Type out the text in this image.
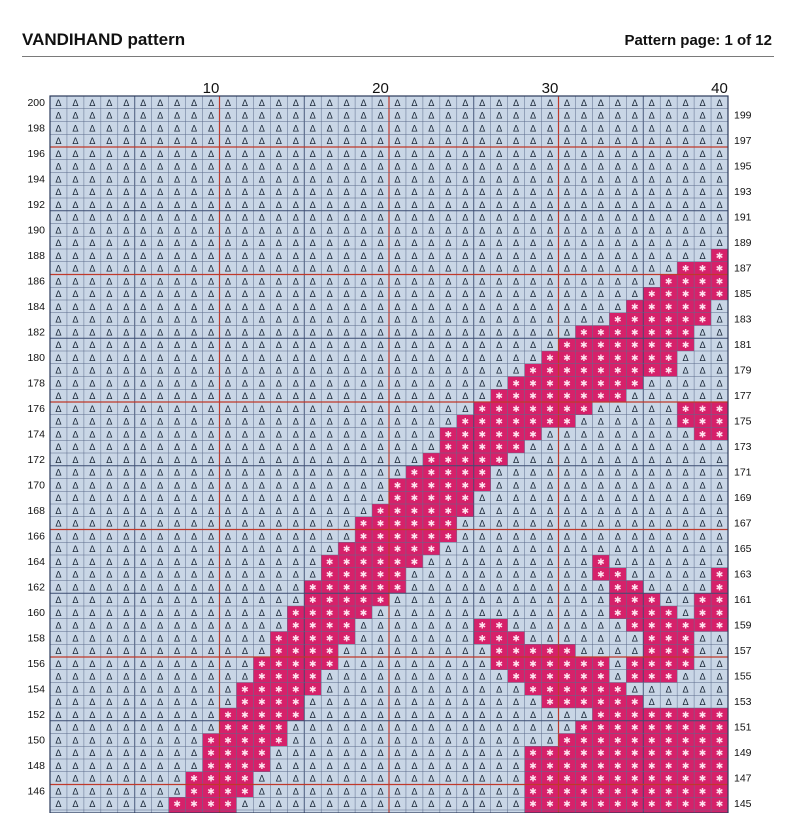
VANDIHAND pattern	Pattern page: 1 of 12
Δ Δ Δ Δ Δ Δ Δ Δ Δ Δ Δ Δ Δ Δ Δ Δ Δ Δ Δ Δ Δ Δ Δ Δ Δ Δ Δ Δ Δ Δ Δ Δ Δ Δ Δ Δ Δ Δ Δ Δ
Δ Δ Δ Δ Δ Δ Δ Δ Δ Δ Δ Δ Δ Δ Δ Δ Δ Δ Δ Δ Δ Δ Δ Δ Δ Δ Δ Δ Δ Δ Δ Δ Δ Δ Δ Δ Δ Δ Δ Δ
Δ Δ Δ Δ Δ Δ Δ Δ Δ Δ Δ Δ Δ Δ Δ Δ Δ Δ Δ Δ Δ Δ Δ Δ Δ Δ Δ Δ Δ Δ Δ Δ Δ Δ Δ Δ Δ Δ Δ Δ
Δ Δ Δ Δ Δ Δ Δ Δ Δ Δ Δ Δ Δ Δ Δ Δ Δ Δ Δ Δ Δ Δ Δ Δ Δ Δ Δ Δ Δ Δ Δ Δ Δ Δ Δ Δ Δ Δ Δ Δ
Δ Δ Δ Δ Δ Δ Δ Δ Δ Δ Δ Δ Δ Δ Δ Δ Δ Δ Δ Δ Δ Δ Δ Δ Δ Δ Δ Δ Δ Δ Δ Δ Δ Δ Δ Δ Δ Δ Δ Δ
Δ Δ Δ Δ Δ Δ Δ Δ Δ Δ Δ Δ Δ Δ Δ Δ Δ Δ Δ Δ Δ Δ Δ Δ Δ Δ Δ Δ Δ Δ Δ Δ Δ Δ Δ Δ Δ Δ Δ Δ
Δ Δ Δ Δ Δ Δ Δ Δ Δ Δ Δ Δ Δ Δ Δ Δ Δ Δ Δ Δ Δ Δ Δ Δ Δ Δ Δ Δ Δ Δ Δ Δ Δ Δ Δ Δ Δ Δ Δ Δ
Δ Δ Δ Δ Δ Δ Δ Δ Δ Δ Δ Δ Δ Δ Δ Δ Δ Δ Δ Δ Δ Δ Δ Δ Δ Δ Δ Δ Δ Δ Δ Δ Δ Δ Δ Δ Δ Δ Δ Δ
Δ Δ Δ Δ Δ Δ Δ Δ Δ Δ Δ Δ Δ Δ Δ Δ Δ Δ Δ Δ Δ Δ Δ Δ Δ Δ Δ Δ Δ Δ Δ Δ Δ Δ Δ Δ Δ Δ Δ Δ
Δ Δ Δ Δ Δ Δ Δ Δ Δ Δ Δ Δ Δ Δ Δ Δ Δ Δ Δ Δ Δ Δ Δ Δ Δ Δ Δ Δ Δ Δ Δ Δ Δ Δ Δ Δ Δ Δ Δ Δ
Δ Δ Δ Δ Δ Δ Δ Δ Δ Δ Δ Δ Δ Δ Δ Δ Δ Δ Δ Δ Δ Δ Δ Δ Δ Δ Δ Δ Δ Δ Δ Δ Δ Δ Δ Δ Δ Δ Δ Δ
Δ Δ Δ Δ Δ Δ Δ Δ Δ Δ Δ Δ Δ Δ Δ Δ Δ Δ Δ Δ Δ Δ Δ Δ Δ Δ Δ Δ Δ Δ Δ Δ Δ Δ Δ Δ Δ Δ Δ Δ
Δ Δ Δ Δ Δ Δ Δ Δ Δ Δ Δ Δ Δ Δ Δ Δ Δ Δ Δ Δ Δ Δ Δ Δ Δ Δ Δ Δ Δ Δ Δ Δ Δ Δ Δ Δ Δ Δ Δ ✱
Δ Δ Δ Δ Δ Δ Δ Δ Δ Δ Δ Δ Δ Δ Δ Δ Δ Δ Δ Δ Δ Δ Δ Δ Δ Δ Δ Δ Δ Δ Δ Δ Δ Δ Δ Δ Δ ✱ ✱ ✱
Δ Δ Δ Δ Δ Δ Δ Δ Δ Δ Δ Δ Δ Δ Δ Δ Δ Δ Δ Δ Δ Δ Δ Δ Δ Δ Δ Δ Δ Δ Δ Δ Δ Δ Δ Δ ✱ ✱ ✱ ✱
Δ Δ Δ Δ Δ Δ Δ Δ Δ Δ Δ Δ Δ Δ Δ Δ Δ Δ Δ Δ Δ Δ Δ Δ Δ Δ Δ Δ Δ Δ Δ Δ Δ Δ Δ ✱ ✱ ✱ ✱ ✱
Δ Δ Δ Δ Δ Δ Δ Δ Δ Δ Δ Δ Δ Δ Δ Δ Δ Δ Δ Δ Δ Δ Δ Δ Δ Δ Δ Δ Δ Δ Δ Δ Δ Δ ✱ ✱ ✱ ✱ ✱ Δ
Δ Δ Δ Δ Δ Δ Δ Δ Δ Δ Δ Δ Δ Δ Δ Δ Δ Δ Δ Δ Δ Δ Δ Δ Δ Δ Δ Δ Δ Δ Δ Δ Δ ✱ ✱ ✱ ✱ ✱ ✱ Δ
Δ Δ Δ Δ Δ Δ Δ Δ Δ Δ Δ Δ Δ Δ Δ Δ Δ Δ Δ Δ Δ Δ Δ Δ Δ Δ Δ Δ Δ Δ Δ ✱ ✱ ✱ ✱ ✱ ✱ ✱ Δ Δ
Δ Δ Δ Δ Δ Δ Δ Δ Δ Δ Δ Δ Δ Δ Δ Δ Δ Δ Δ Δ Δ Δ Δ Δ Δ Δ Δ Δ Δ Δ ✱ ✱ ✱ ✱ ✱ ✱ ✱ ✱ Δ Δ
Δ Δ Δ Δ Δ Δ Δ Δ Δ Δ Δ Δ Δ Δ Δ Δ Δ Δ Δ Δ Δ Δ Δ Δ Δ Δ Δ Δ Δ ✱ ✱ ✱ ✱ ✱ ✱ ✱ ✱ Δ Δ Δ
Δ Δ Δ Δ Δ Δ Δ Δ Δ Δ Δ Δ Δ Δ Δ Δ Δ Δ Δ Δ Δ Δ Δ Δ Δ Δ Δ Δ ✱ ✱ ✱ ✱ ✱ ✱ ✱ ✱ ✱ Δ Δ Δ
Δ Δ Δ Δ Δ Δ Δ Δ Δ Δ Δ Δ Δ Δ Δ Δ Δ Δ Δ Δ Δ Δ Δ Δ Δ Δ Δ ✱ ✱ ✱ ✱ ✱ ✱ ✱ ✱ Δ Δ Δ Δ Δ
Δ Δ Δ Δ Δ Δ Δ Δ Δ Δ Δ Δ Δ Δ Δ Δ Δ Δ Δ Δ Δ Δ Δ Δ Δ Δ ✱ ✱ ✱ ✱ ✱ ✱ ✱ ✱ Δ Δ Δ Δ Δ Δ
Δ Δ Δ Δ Δ Δ Δ Δ Δ Δ Δ Δ Δ Δ Δ Δ Δ Δ Δ Δ Δ Δ Δ Δ Δ ✱ ✱ ✱ ✱ ✱ ✱ ✱ Δ Δ Δ Δ Δ ✱ ✱ ✱
Δ Δ Δ Δ Δ Δ Δ Δ Δ Δ Δ Δ Δ Δ Δ Δ Δ Δ Δ Δ Δ Δ Δ Δ ✱ ✱ ✱ ✱ ✱ ✱ ✱ Δ Δ Δ Δ Δ Δ ✱ ✱ ✱
Δ Δ Δ Δ Δ Δ Δ Δ Δ Δ Δ Δ Δ Δ Δ Δ Δ Δ Δ Δ Δ Δ Δ ✱ ✱ ✱ ✱ ✱ ✱ Δ Δ Δ Δ Δ Δ Δ Δ Δ ✱ ✱
Δ Δ Δ Δ Δ Δ Δ Δ Δ Δ Δ Δ Δ Δ Δ Δ Δ Δ Δ Δ Δ Δ Δ ✱ ✱ ✱ ✱ ✱ Δ Δ Δ Δ Δ Δ Δ Δ Δ Δ Δ Δ
Δ Δ Δ Δ Δ Δ Δ Δ Δ Δ Δ Δ Δ Δ Δ Δ Δ Δ Δ Δ Δ Δ ✱ ✱ ✱ ✱ ✱ Δ Δ Δ Δ Δ Δ Δ Δ Δ Δ Δ Δ Δ
Δ Δ Δ Δ Δ Δ Δ Δ Δ Δ Δ Δ Δ Δ Δ Δ Δ Δ Δ Δ Δ ✱ ✱ ✱ ✱ ✱ Δ Δ Δ Δ Δ Δ Δ Δ Δ Δ Δ Δ Δ Δ
Δ Δ Δ Δ Δ Δ Δ Δ Δ Δ Δ Δ Δ Δ Δ Δ Δ Δ Δ Δ ✱ ✱ ✱ ✱ ✱ ✱ Δ Δ Δ Δ Δ Δ Δ Δ Δ Δ Δ Δ Δ Δ
Δ Δ Δ Δ Δ Δ Δ Δ Δ Δ Δ Δ Δ Δ Δ Δ Δ Δ Δ Δ ✱ ✱ ✱ ✱ ✱ Δ Δ Δ Δ Δ Δ Δ Δ Δ Δ Δ Δ Δ Δ Δ
Δ Δ Δ Δ Δ Δ Δ Δ Δ Δ Δ Δ Δ Δ Δ Δ Δ Δ Δ ✱ ✱ ✱ ✱ ✱ ✱ Δ Δ Δ Δ Δ Δ Δ Δ Δ Δ Δ Δ Δ Δ Δ
Δ Δ Δ Δ Δ Δ Δ Δ Δ Δ Δ Δ Δ Δ Δ Δ Δ Δ ✱ ✱ ✱ ✱ ✱ ✱ Δ Δ Δ Δ Δ Δ Δ Δ Δ Δ Δ Δ Δ Δ Δ Δ
Δ Δ Δ Δ Δ Δ Δ Δ Δ Δ Δ Δ Δ Δ Δ Δ Δ Δ ✱ ✱ ✱ ✱ ✱ ✱ Δ Δ Δ Δ Δ Δ Δ Δ Δ Δ Δ Δ Δ Δ Δ Δ
Δ Δ Δ Δ Δ Δ Δ Δ Δ Δ Δ Δ Δ Δ Δ Δ Δ ✱ ✱ ✱ ✱ ✱ ✱ Δ Δ Δ Δ Δ Δ Δ Δ Δ Δ Δ Δ Δ Δ Δ Δ Δ
Δ Δ Δ Δ Δ Δ Δ Δ Δ Δ Δ Δ Δ Δ Δ Δ ✱ ✱ ✱ ✱ ✱ ✱ Δ Δ Δ Δ Δ Δ Δ Δ Δ Δ ✱ Δ Δ Δ Δ Δ Δ Δ
Δ Δ Δ Δ Δ Δ Δ Δ Δ Δ Δ Δ Δ Δ Δ Δ ✱ ✱ ✱ ✱ ✱ Δ Δ Δ Δ Δ Δ Δ Δ Δ Δ Δ ✱ ✱ Δ Δ Δ Δ Δ ✱
Δ Δ Δ Δ Δ Δ Δ Δ Δ Δ Δ Δ Δ Δ Δ ✱ ✱ ✱ ✱ ✱ ✱ Δ Δ Δ Δ Δ Δ Δ Δ Δ Δ Δ Δ ✱ ✱ Δ Δ Δ Δ ✱
Δ Δ Δ Δ Δ Δ Δ Δ Δ Δ Δ Δ Δ Δ Δ ✱ ✱ ✱ ✱ ✱ Δ Δ Δ Δ Δ Δ Δ Δ Δ Δ Δ Δ Δ ✱ ✱ ✱ Δ Δ ✱ ✱
Δ Δ Δ Δ Δ Δ Δ Δ Δ Δ Δ Δ Δ Δ ✱ ✱ ✱ ✱ ✱ Δ Δ Δ Δ Δ Δ Δ Δ Δ Δ Δ Δ Δ Δ ✱ ✱ ✱ ✱ Δ ✱ ✱
Δ Δ Δ Δ Δ Δ Δ Δ Δ Δ Δ Δ Δ Δ ✱ ✱ ✱ ✱ Δ Δ Δ Δ Δ Δ Δ ✱ ✱ Δ Δ Δ Δ Δ Δ Δ ✱ ✱ ✱ ✱ ✱ ✱
Δ Δ Δ Δ Δ Δ Δ Δ Δ Δ Δ Δ Δ ✱ ✱ ✱ ✱ ✱ Δ Δ Δ Δ Δ Δ Δ ✱ ✱ ✱ Δ Δ Δ Δ Δ Δ Δ ✱ ✱ ✱ Δ Δ
Δ Δ Δ Δ Δ Δ Δ Δ Δ Δ Δ Δ Δ ✱ ✱ ✱ ✱ Δ Δ Δ Δ Δ Δ Δ Δ Δ ✱ ✱ ✱ ✱ ✱ Δ Δ Δ Δ ✱ ✱ ✱ Δ Δ
Δ Δ Δ Δ Δ Δ Δ Δ Δ Δ Δ Δ ✱ ✱ ✱ ✱ ✱ Δ Δ Δ Δ Δ Δ Δ Δ Δ ✱ ✱ ✱ ✱ ✱ ✱ ✱ Δ ✱ ✱ ✱ ✱ Δ Δ
Δ Δ Δ Δ Δ Δ Δ Δ Δ Δ Δ Δ ✱ ✱ ✱ ✱ Δ Δ Δ Δ Δ Δ Δ Δ Δ Δ Δ ✱ ✱ ✱ ✱ ✱ ✱ Δ ✱ ✱ ✱ Δ Δ Δ
Δ Δ Δ Δ Δ Δ Δ Δ Δ Δ Δ ✱ ✱ ✱ ✱ ✱ Δ Δ Δ Δ Δ Δ Δ Δ Δ Δ Δ Δ ✱ ✱ ✱ ✱ ✱ ✱ Δ Δ Δ Δ Δ Δ
Δ Δ Δ Δ Δ Δ Δ Δ Δ Δ Δ ✱ ✱ ✱ ✱ Δ Δ Δ Δ Δ Δ Δ Δ Δ Δ Δ Δ Δ Δ ✱ ✱ ✱ ✱ ✱ ✱ Δ Δ Δ Δ Δ
Δ Δ Δ Δ Δ Δ Δ Δ Δ Δ ✱ ✱ ✱ ✱ ✱ Δ Δ Δ Δ Δ Δ Δ Δ Δ Δ Δ Δ Δ Δ Δ Δ Δ ✱ ✱ ✱ ✱ ✱ ✱ ✱ ✱
Δ Δ Δ Δ Δ Δ Δ Δ Δ Δ ✱ ✱ ✱ ✱ Δ Δ Δ Δ Δ Δ Δ Δ Δ Δ Δ Δ Δ Δ Δ Δ Δ ✱ ✱ ✱ ✱ ✱ ✱ ✱ ✱ ✱
Δ Δ Δ Δ Δ Δ Δ Δ Δ ✱ ✱ ✱ ✱ ✱ Δ Δ Δ Δ Δ Δ Δ Δ Δ Δ Δ Δ Δ Δ Δ Δ ✱ ✱ ✱ ✱ ✱ ✱ ✱ ✱ ✱ ✱
Δ Δ Δ Δ Δ Δ Δ Δ Δ ✱ ✱ ✱ ✱ Δ Δ Δ Δ Δ Δ Δ Δ Δ Δ Δ Δ Δ Δ Δ ✱ ✱ ✱ ✱ ✱ ✱ ✱ ✱ ✱ ✱ ✱ ✱
Δ Δ Δ Δ Δ Δ Δ Δ Δ ✱ ✱ ✱ ✱ Δ Δ Δ Δ Δ Δ Δ Δ Δ Δ Δ Δ Δ Δ Δ ✱ ✱ ✱ ✱ ✱ ✱ ✱ ✱ ✱ ✱ ✱ ✱
Δ Δ Δ Δ Δ Δ Δ Δ ✱ ✱ ✱ ✱ Δ Δ Δ Δ Δ Δ Δ Δ Δ Δ Δ Δ Δ Δ Δ Δ ✱ ✱ ✱ ✱ ✱ ✱ ✱ ✱ ✱ ✱ ✱ ✱
Δ Δ Δ Δ Δ Δ Δ Δ ✱ ✱ ✱ ✱ Δ Δ Δ Δ Δ Δ Δ Δ Δ Δ Δ Δ Δ Δ Δ Δ ✱ ✱ ✱ ✱ ✱ ✱ ✱ ✱ ✱ ✱ ✱ ✱
Δ Δ Δ Δ Δ Δ Δ ✱ ✱ ✱ ✱ Δ Δ Δ Δ Δ Δ Δ Δ Δ Δ Δ Δ Δ Δ Δ Δ Δ ✱ ✱ ✱ ✱ ✱ ✱ ✱ ✱ ✱ ✱ ✱ ✱
10	20	30	40
200
198
196
194
192
190
188
186
184
182
180
178
176
174
172
170
168
166
164
162
160
158
156
154
152
150
148
146
199
197
195
193
191
189
187
185
183
181
179
177
175
173
171
169
167
165
163
161
159
157
155
153
151
149
147
145
